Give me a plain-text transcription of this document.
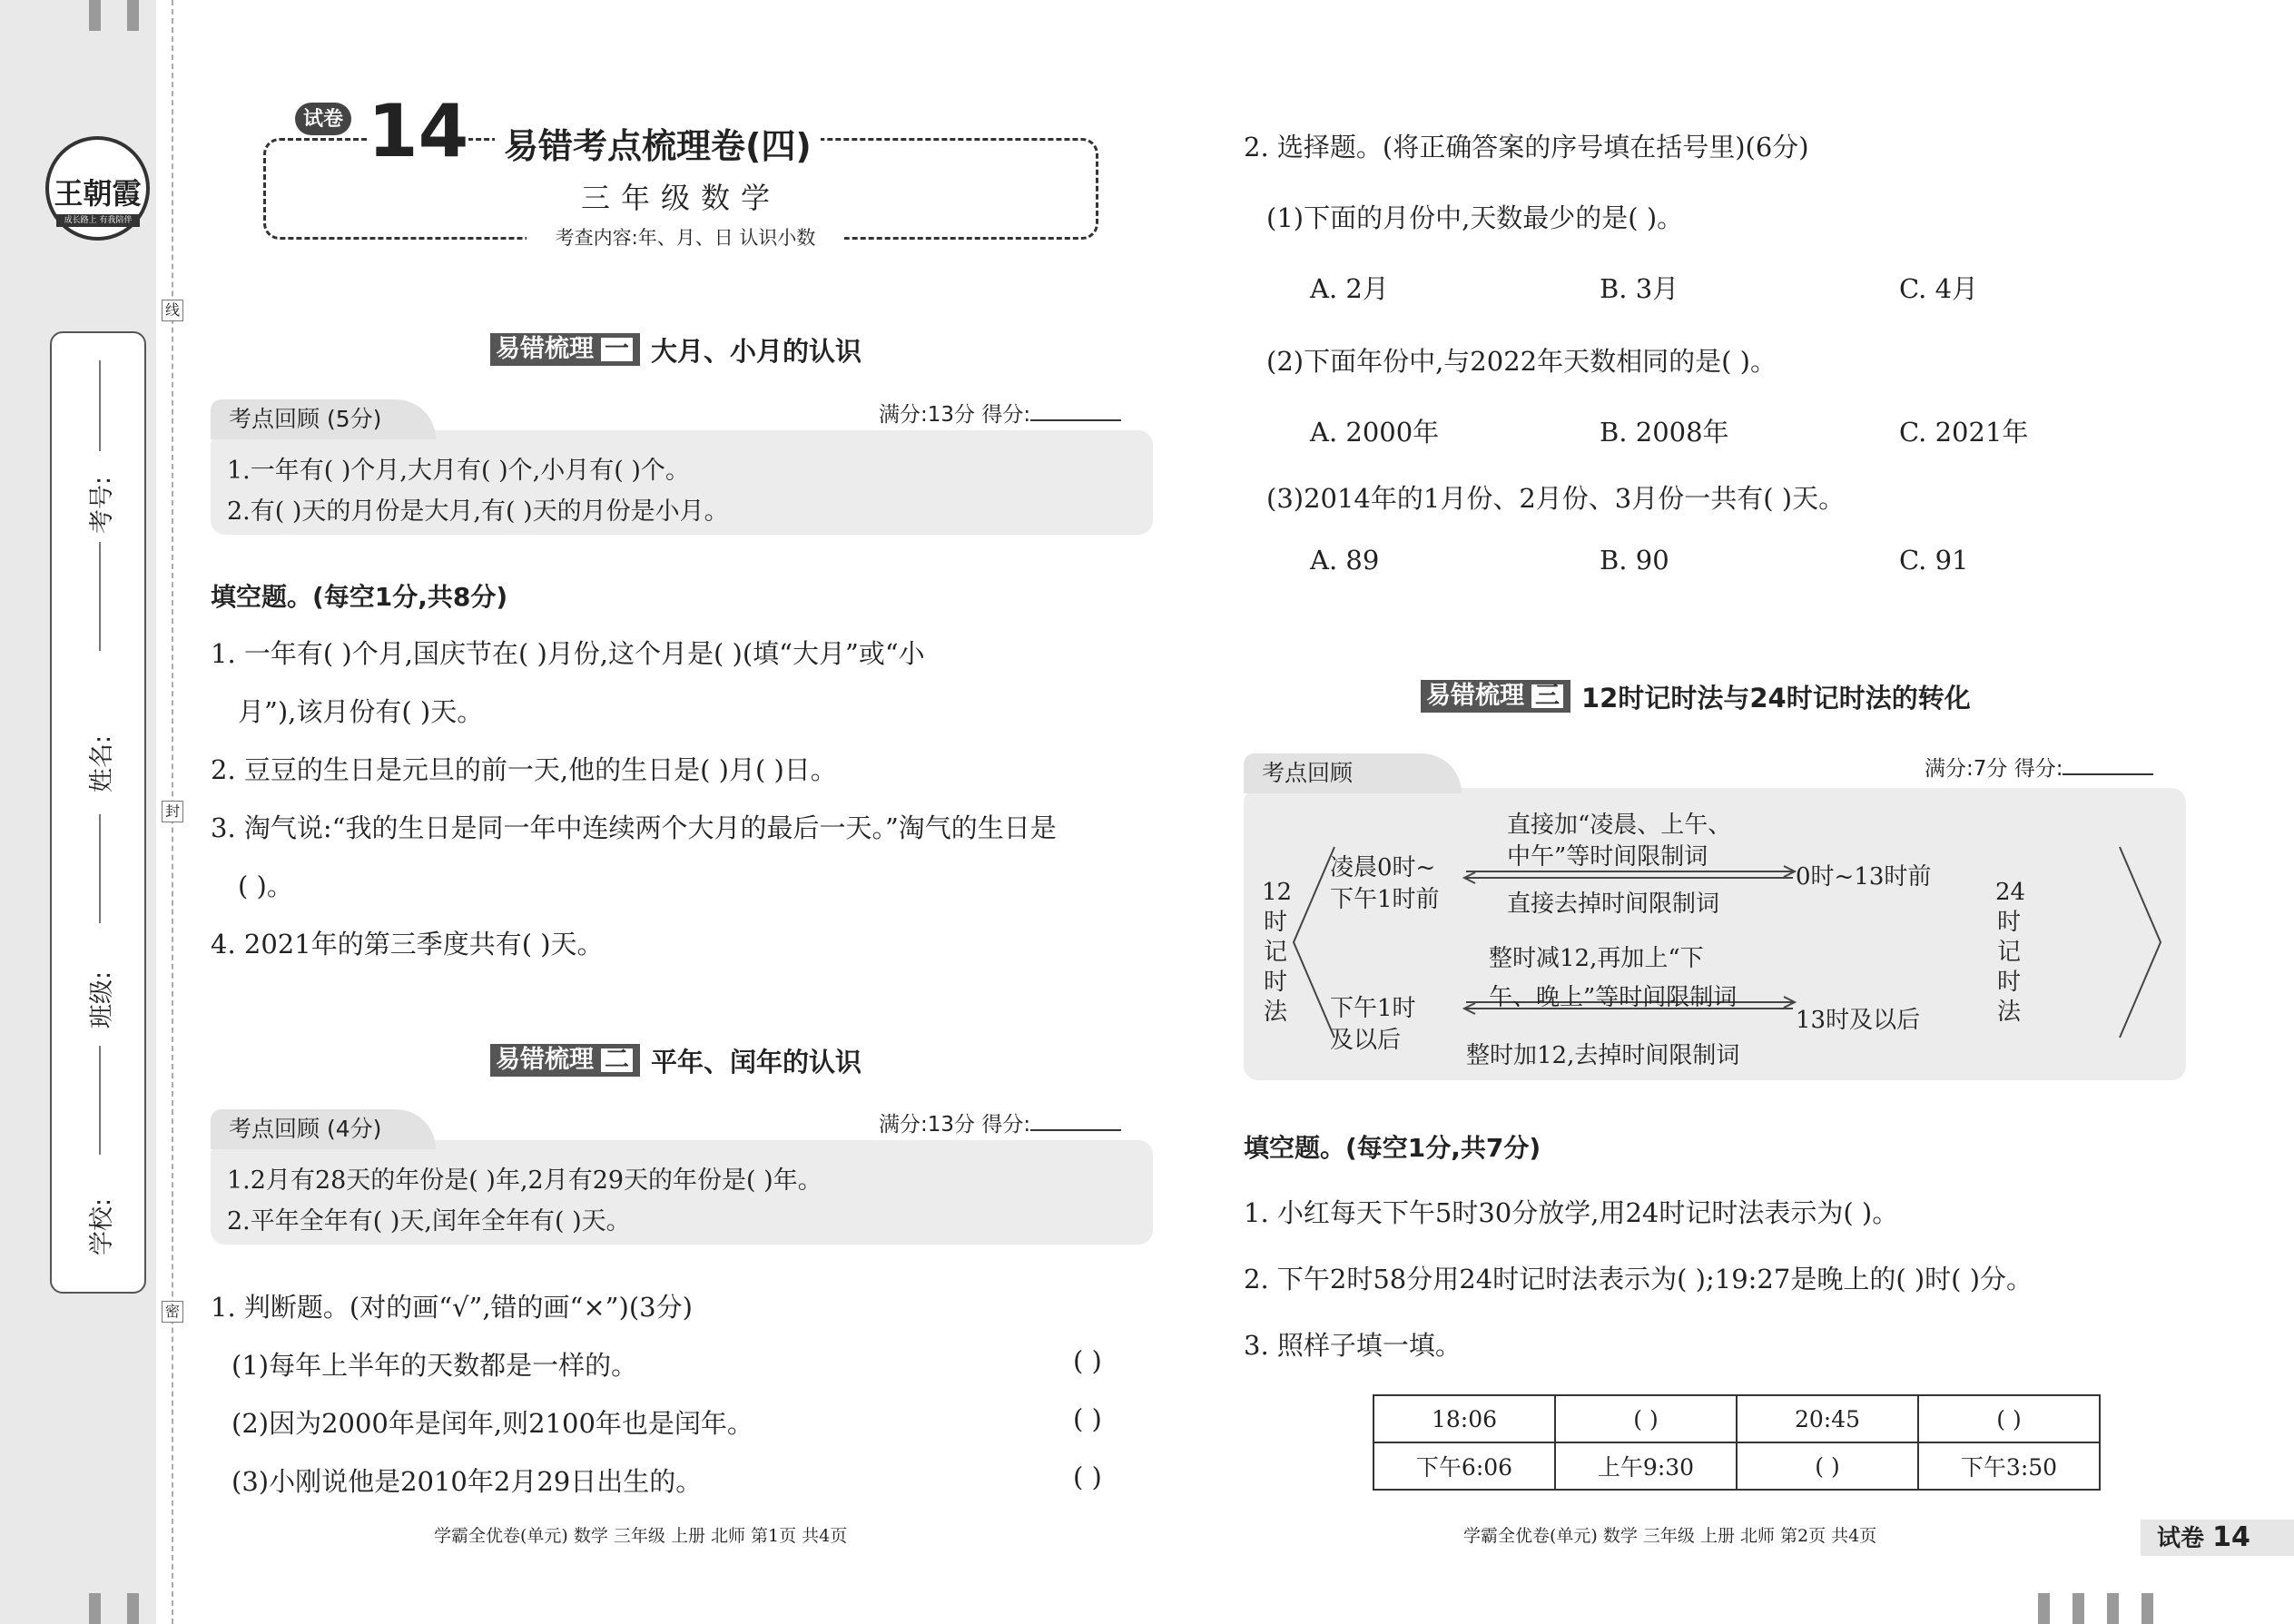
王朝霞
成长路上 有我陪伴
考号:
姓名:
班级:
学校:
线
封
密
试卷 14 易错考点梳理卷(四)
三年级数学
考查内容:年、月、日 认识小数
易错梳理 一 大月、小月的认识
考点回顾 (5分)	满分:13分 得分:
1.一年有( )个月,大月有( )个,小月有( )个。
2.有( )天的月份是大月,有( )天的月份是小月。
填空题。(每空1分,共8分)
1. 一年有( )个月,国庆节在( )月份,这个月是( )(填“大月”或“小
月”),该月份有( )天。
2. 豆豆的生日是元旦的前一天,他的生日是( )月( )日。
3. 淘气说:“我的生日是同一年中连续两个大月的最后一天。”淘气的生日是
( )。
4. 2021年的第三季度共有( )天。
易错梳理 二 平年、闰年的认识
考点回顾 (4分)	满分:13分 得分:
1.2月有28天的年份是( )年,2月有29天的年份是( )年。
2.平年全年有( )天,闰年全年有( )天。
1. 判断题。(对的画“√”,错的画“×”)(3分)
(1)每年上半年的天数都是一样的。	( )
(2)因为2000年是闰年,则2100年也是闰年。	( )
(3)小刚说他是2010年2月29日出生的。	( )
学霸全优卷(单元) 数学 三年级 上册 北师 第1页 共4页
2. 选择题。(将正确答案的序号填在括号里)(6分)
(1)下面的月份中,天数最少的是( )。
A. 2月	B. 3月	C. 4月
(2)下面年份中,与2022年天数相同的是( )。
A. 2000年	B. 2008年	C. 2021年
(3)2014年的1月份、2月份、3月份一共有( )天。
A. 89	B. 90	C. 91
易错梳理 三 12时记时法与24时记时法的转化
考点回顾	满分:7分 得分:
12时记时法
24时记时法
凌晨0时~
下午1时前
下午1时
及以后
0时~13时前
13时及以后
直接加“凌晨、上午、
中午”等时间限制词
直接去掉时间限制词
整时减12,再加上“下
午、晚上”等时间限制词
整时加12,去掉时间限制词
填空题。(每空1分,共7分)
1. 小红每天下午5时30分放学,用24时记时法表示为( )。
2. 下午2时58分用24时记时法表示为( );19:27是晚上的( )时( )分。
3. 照样子填一填。
18:06	( )	20:45	( )
下午6:06	上午9:30	( )	下午3:50
学霸全优卷(单元) 数学 三年级 上册 北师 第2页 共4页	试卷 14
